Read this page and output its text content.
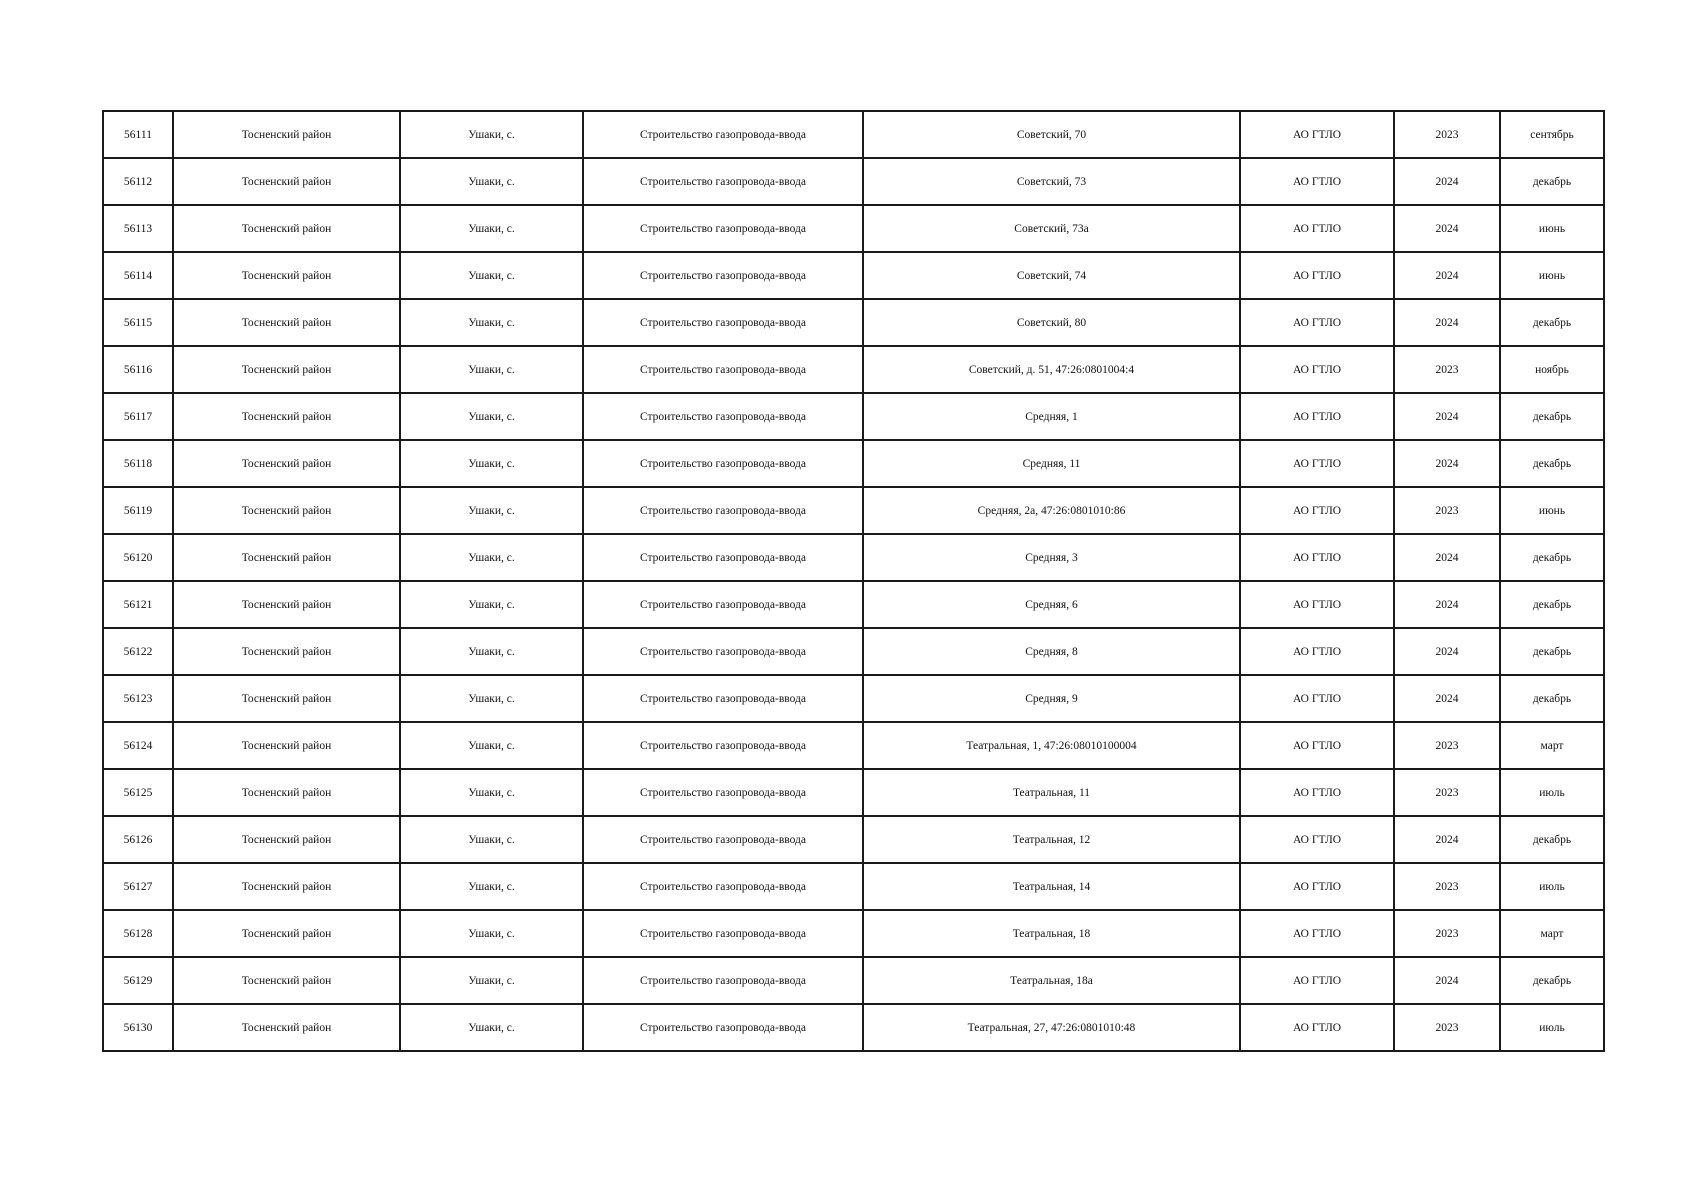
56111	Тосненский район	Ушаки, с.	Строительство газопровода-ввода	Советский, 70	АО ГТЛО	2023	сентябрь
56112	Тосненский район	Ушаки, с.	Строительство газопровода-ввода	Советский, 73	АО ГТЛО	2024	декабрь
56113	Тосненский район	Ушаки, с.	Строительство газопровода-ввода	Советский, 73а	АО ГТЛО	2024	июнь
56114	Тосненский район	Ушаки, с.	Строительство газопровода-ввода	Советский, 74	АО ГТЛО	2024	июнь
56115	Тосненский район	Ушаки, с.	Строительство газопровода-ввода	Советский, 80	АО ГТЛО	2024	декабрь
56116	Тосненский район	Ушаки, с.	Строительство газопровода-ввода	Советский, д. 51, 47:26:0801004:4	АО ГТЛО	2023	ноябрь
56117	Тосненский район	Ушаки, с.	Строительство газопровода-ввода	Средняя, 1	АО ГТЛО	2024	декабрь
56118	Тосненский район	Ушаки, с.	Строительство газопровода-ввода	Средняя, 11	АО ГТЛО	2024	декабрь
56119	Тосненский район	Ушаки, с.	Строительство газопровода-ввода	Средняя, 2а, 47:26:0801010:86	АО ГТЛО	2023	июнь
56120	Тосненский район	Ушаки, с.	Строительство газопровода-ввода	Средняя, 3	АО ГТЛО	2024	декабрь
56121	Тосненский район	Ушаки, с.	Строительство газопровода-ввода	Средняя, 6	АО ГТЛО	2024	декабрь
56122	Тосненский район	Ушаки, с.	Строительство газопровода-ввода	Средняя, 8	АО ГТЛО	2024	декабрь
56123	Тосненский район	Ушаки, с.	Строительство газопровода-ввода	Средняя, 9	АО ГТЛО	2024	декабрь
56124	Тосненский район	Ушаки, с.	Строительство газопровода-ввода	Театральная, 1, 47:26:08010100004	АО ГТЛО	2023	март
56125	Тосненский район	Ушаки, с.	Строительство газопровода-ввода	Театральная, 11	АО ГТЛО	2023	июль
56126	Тосненский район	Ушаки, с.	Строительство газопровода-ввода	Театральная, 12	АО ГТЛО	2024	декабрь
56127	Тосненский район	Ушаки, с.	Строительство газопровода-ввода	Театральная, 14	АО ГТЛО	2023	июль
56128	Тосненский район	Ушаки, с.	Строительство газопровода-ввода	Театральная, 18	АО ГТЛО	2023	март
56129	Тосненский район	Ушаки, с.	Строительство газопровода-ввода	Театральная, 18а	АО ГТЛО	2024	декабрь
56130	Тосненский район	Ушаки, с.	Строительство газопровода-ввода	Театральная, 27, 47:26:0801010:48	АО ГТЛО	2023	июль
